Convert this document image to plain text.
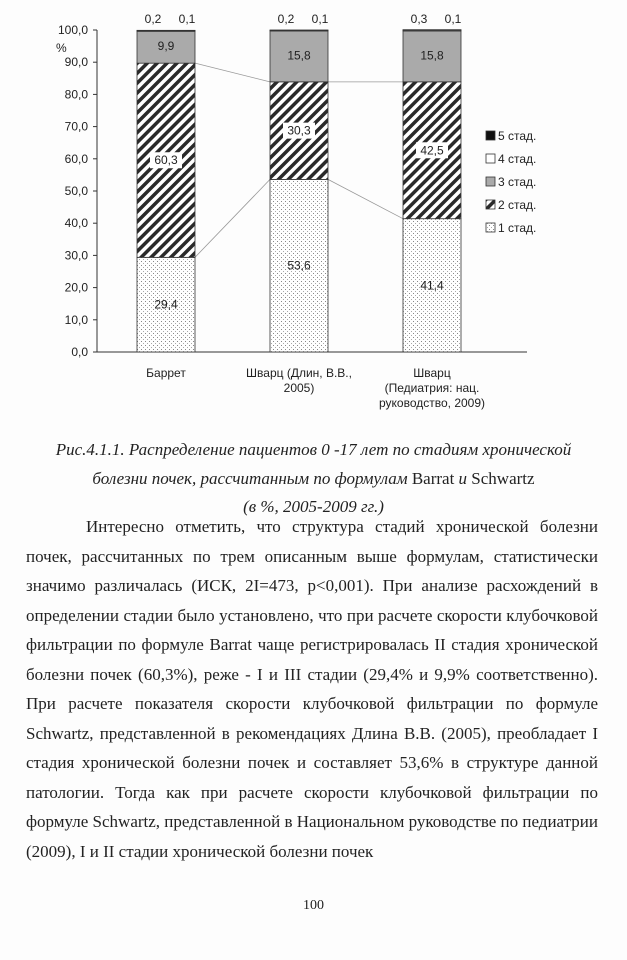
0,0
10,0
20,0
30,0
40,0
50,0
60,0
70,0
80,0
90,0
100,0
%
Баррет	Шварц (Длин, В.В.,
2005)
Шварц
(Педиатрия: нац.
руководство, 2009)
29,4
60,3
9,9
0,2 0,1
53,6
30,3
15,8
0,2 0,1
41,4
42,5
15,8
0,3 0,1
5 стад.
4 стад.
3 стад.
2 стад.
1 стад.
Рис.4.1.1. Распределение пациентов 0 -17 лет по стадиям хронической
болезни почек, рассчитанным по формулам Barrat и Schwartz
(в %, 2005-2009 гг.)

Интересно отметить, что структура стадий хронической болезни почек, рассчитанных по трем описанным выше формулам, статистически значимо различалась (ИСК, 2I=473, p<0,001). При анализе расхождений в определении стадии было установлено, что при расчете скорости клубочковой фильтрации по формуле Barrat чаще регистрировалась II стадия хронической болезни почек (60,3%), реже - I и III стадии (29,4% и 9,9% соответственно). При расчете показателя скорости клубочковой фильтрации по формуле Schwartz, представленной в рекомендациях Длина В.В. (2005), преобладает I стадия хронической болезни почек и составляет 53,6% в структуре данной патологии. Тогда как при расчете скорости клубочковой фильтрации по формуле Schwartz, представленной в Национальном руководстве по педиатрии (2009), I и II стадии хронической болезни почек

100
